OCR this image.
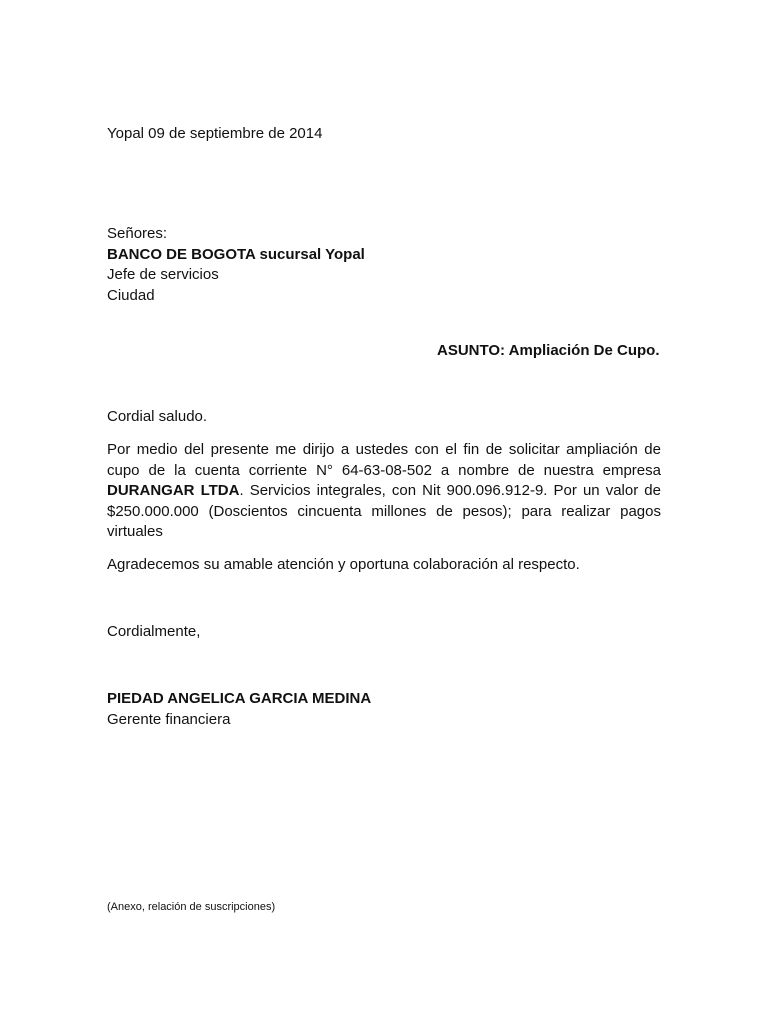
Yopal 09 de septiembre de 2014
Señores:
BANCO DE BOGOTA sucursal Yopal
Jefe de servicios
Ciudad
ASUNTO: Ampliación De Cupo.
Cordial saludo.
Por medio del presente me dirijo a ustedes con el fin de solicitar ampliación de cupo de la cuenta corriente N° 64-63-08-502 a nombre de nuestra empresa DURANGAR LTDA. Servicios integrales, con Nit 900.096.912-9. Por un valor de $250.000.000 (Doscientos cincuenta millones de pesos); para realizar pagos virtuales
Agradecemos su amable atención y oportuna colaboración al respecto.
Cordialmente,
PIEDAD ANGELICA GARCIA MEDINA
Gerente financiera
(Anexo, relación de suscripciones)
